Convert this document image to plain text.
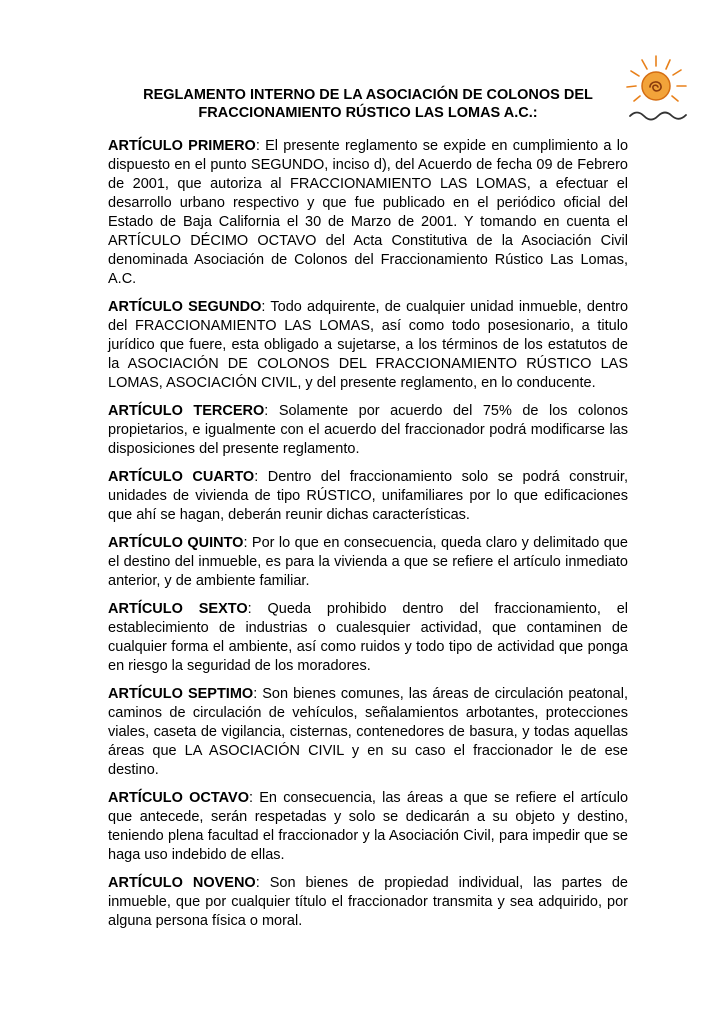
REGLAMENTO INTERNO DE LA ASOCIACIÓN DE COLONOS DEL
FRACCIONAMIENTO RÚSTICO LAS LOMAS A.C.:

ARTÍCULO PRIMERO: El presente reglamento se expide en cumplimiento a lo dispuesto en el punto SEGUNDO, inciso d), del Acuerdo de fecha 09 de Febrero de 2001, que autoriza al FRACCIONAMIENTO LAS LOMAS, a efectuar el desarrollo urbano respectivo y que fue publicado en el periódico oficial del Estado de Baja California el 30 de Marzo de 2001. Y tomando en cuenta el ARTÍCULO DÉCIMO OCTAVO del Acta Constitutiva de la Asociación Civil denominada Asociación de Colonos del Fraccionamiento Rústico Las Lomas, A.C.

ARTÍCULO SEGUNDO: Todo adquirente, de cualquier unidad inmueble, dentro del FRACCIONAMIENTO LAS LOMAS, así como todo posesionario, a titulo jurídico que fuere, esta obligado a sujetarse, a los términos de los estatutos de la ASOCIACIÓN DE COLONOS DEL FRACCIONAMIENTO RÚSTICO LAS LOMAS, ASOCIACIÓN CIVIL, y del presente reglamento, en lo conducente.

ARTÍCULO TERCERO: Solamente por acuerdo del 75% de los colonos propietarios, e igualmente con el acuerdo del fraccionador podrá modificarse las disposiciones del presente reglamento.

ARTÍCULO CUARTO: Dentro del fraccionamiento solo se podrá construir, unidades de vivienda de tipo RÚSTICO, unifamiliares por lo que edificaciones que ahí se hagan, deberán reunir dichas características.

ARTÍCULO QUINTO: Por lo que en consecuencia, queda claro y delimitado que el destino del inmueble, es para la vivienda a que se refiere el artículo inmediato anterior, y de ambiente familiar.

ARTÍCULO SEXTO: Queda prohibido dentro del fraccionamiento, el establecimiento de industrias o cualesquier actividad, que contaminen de cualquier forma el ambiente, así como ruidos y todo tipo de actividad que ponga en riesgo la seguridad de los moradores.

ARTÍCULO SEPTIMO: Son bienes comunes, las áreas de circulación peatonal, caminos de circulación de vehículos, señalamientos arbotantes, protecciones viales, caseta de vigilancia, cisternas, contenedores de basura, y todas aquellas áreas que LA ASOCIACIÓN CIVIL y en su caso el fraccionador le de ese destino.

ARTÍCULO OCTAVO: En consecuencia, las áreas a que se refiere el artículo que antecede, serán respetadas y solo se dedicarán a su objeto y destino, teniendo plena facultad el fraccionador y la Asociación Civil, para impedir que se haga uso indebido de ellas.

ARTÍCULO NOVENO: Son bienes de propiedad individual, las partes de inmueble, que por cualquier título el fraccionador transmita y sea adquirido, por alguna persona física o moral.
